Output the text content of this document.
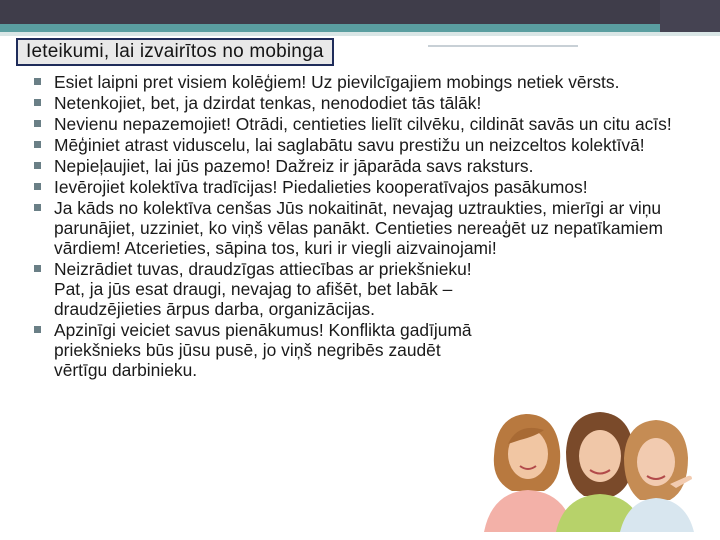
Ieteikumi, lai izvairītos no mobinga
Esiet laipni pret visiem kolēģiem! Uz pievilcīgajiem mobings netiek vērsts.
Netenkojiet, bet, ja dzirdat tenkas, nenododiet tās tālāk!
Nevienu nepazemojiet! Otrādi, centieties lielīt cilvēku, cildināt savās un citu acīs!
Mēģiniet atrast viduscelu, lai saglabātu savu prestižu un neizceltos kolektīvā!
Nepieļaujiet, lai jūs pazemo! Dažreiz ir jāparāda savs raksturs.
Ievērojiet kolektīva tradīcijas! Piedalieties kooperatīvajos pasākumos!
Ja kāds no kolektīva cenšas Jūs nokaitināt, nevajag uztraukties, mierīgi ar viņu parunājiet, uzziniet, ko viņš vēlas panākt. Centieties nereaģēt uz nepatīkamiem vārdiem! Atcerieties, sāpina tos, kuri ir viegli aizvainojami!
Neizrādiet tuvas, draudzīgas attiecības ar priekšnieku! Pat, ja jūs esat draugi, nevajag to afišēt, bet labāk – draudzējieties ārpus darba, organizācijas.
Apzinīgi veiciet savus pienākumus! Konflikta gadījumā priekšnieks būs jūsu pusē, jo viņš negribēs zaudēt vērtīgu darbinieku.
